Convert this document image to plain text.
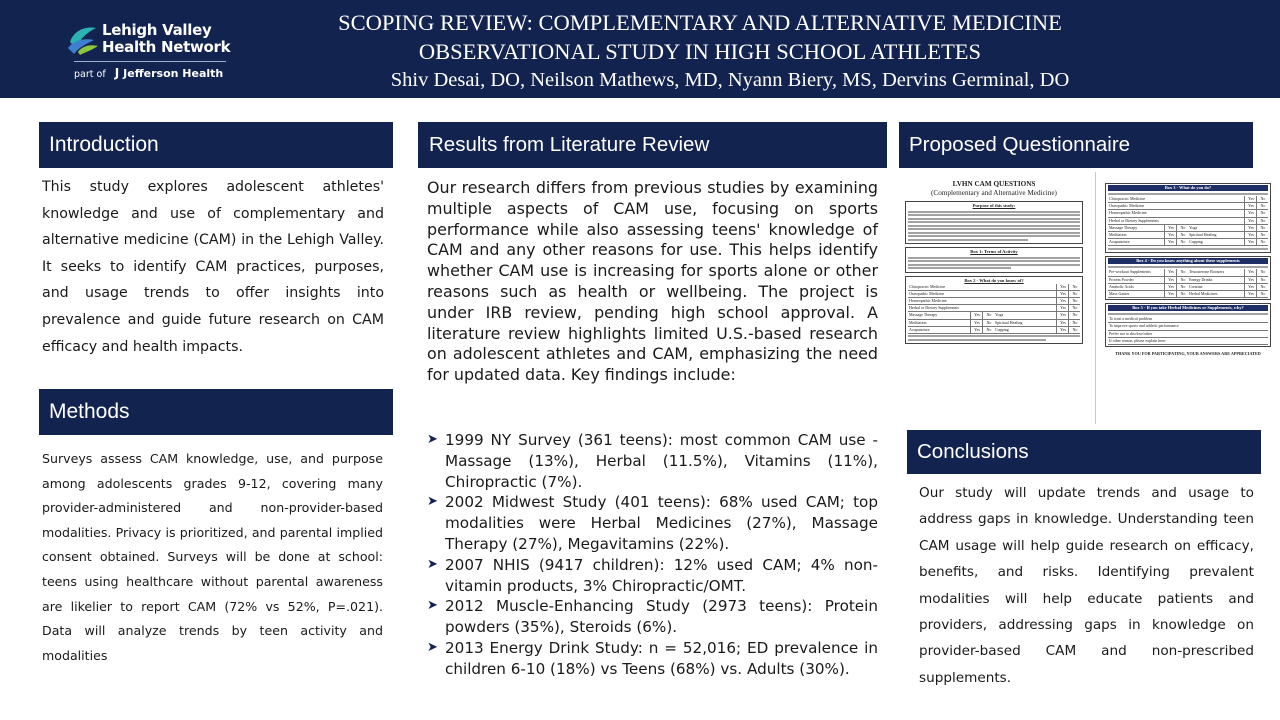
Lehigh Valley
Health Network
part of J Jefferson Health
SCOPING REVIEW: COMPLEMENTARY AND ALTERNATIVE MEDICINE
OBSERVATIONAL STUDY IN HIGH SCHOOL ATHLETES
Shiv Desai, DO, Neilson Mathews, MD, Nyann Biery, MS, Dervins Germinal, DO
Introduction
This study explores adolescent athletes' knowledge and use of complementary and alternative medicine (CAM) in the Lehigh Valley. It seeks to identify CAM practices, purposes, and usage trends to offer insights into prevalence and guide future research on CAM efficacy and health impacts.
Methods
Surveys assess CAM knowledge, use, and purpose among adolescents grades 9-12, covering many provider-administered and non-provider-based modalities. Privacy is prioritized, and parental implied consent obtained. Surveys will be done at school: teens using healthcare without parental awareness are likelier to report CAM (72% vs 52%, P=.021). Data will analyze trends by teen activity and modalities
Results from Literature Review
Our research differs from previous studies by examining multiple aspects of CAM use, focusing on sports performance while also assessing teens' knowledge of CAM and any other reasons for use. This helps identify whether CAM use is increasing for sports alone or other reasons such as health or wellbeing. The project is under IRB review, pending high school approval. A literature review highlights limited U.S.-based research on adolescent athletes and CAM, emphasizing the need for updated data. Key findings include:
➤ 1999 NY Survey (361 teens): most common CAM use - Massage (13%), Herbal (11.5%), Vitamins (11%), Chiropractic (7%).
➤ 2002 Midwest Study (401 teens): 68% used CAM; top modalities were Herbal Medicines (27%), Massage Therapy (27%), Megavitamins (22%).
➤ 2007 NHIS (9417 children): 12% used CAM; 4% non-vitamin products, 3% Chiropractic/OMT.
➤ 2012 Muscle-Enhancing Study (2973 teens): Protein powders (35%), Steroids (6%).
➤ 2013 Energy Drink Study: n = 52,016; ED prevalence in children 6-10 (18%) vs Teens (68%) vs. Adults (30%).
Proposed Questionnaire
LVHN CAM QUESTIONS
(Complementary and Alternative Medicine)
Purpose of this study:
Box 1: Terms of Activity
Box 2 - What do you know of?
Chiropractic Medicine	Yes	No
Osteopathic Medicine	Yes	No
Homeopathic Medicine	Yes	No
Herbal or Dietary Supplements	Yes	No
Massage Therapy	Yes	No Yoga	Yes	No
Meditation	Yes	No Spiritual Healing	Yes	No
Acupuncture	Yes	No Cupping	Yes	No
Box 3 - What do you do?
Chiropractic Medicine	Yes	No
Osteopathic Medicine	Yes	No
Homeopathic Medicine	Yes	No
Herbal or Dietary Supplements	Yes	No
Massage Therapy	Yes	No Yoga	Yes	No
Meditation	Yes	No Spiritual Healing	Yes	No
Acupuncture	Yes	No Cupping	Yes	No
Box 4 - Do you know anything about these supplements
Pre-workout Supplements	Yes	No Testosterone Boosters	Yes	No
Protein Powder	Yes	No Energy Drinks	Yes	No
Anabolic Acids	Yes	No Creatine	Yes	No
Mass Gainer	Yes	No Herbal Medicines	Yes	No
Box 5 - If you take Herbal Medicines or Supplements, why?
To treat a medical problem
To improve sports and athletic performance
Prefer not to disclose/other
If other reason, please explain here:
THANK YOU FOR PARTICIPATING, YOUR ANSWERS ARE APPRECIATED
Conclusions
Our study will update trends and usage to address gaps in knowledge. Understanding teen CAM usage will help guide research on efficacy, benefits, and risks. Identifying prevalent modalities will help educate patients and providers, addressing gaps in knowledge on provider-based CAM and non-prescribed supplements.
